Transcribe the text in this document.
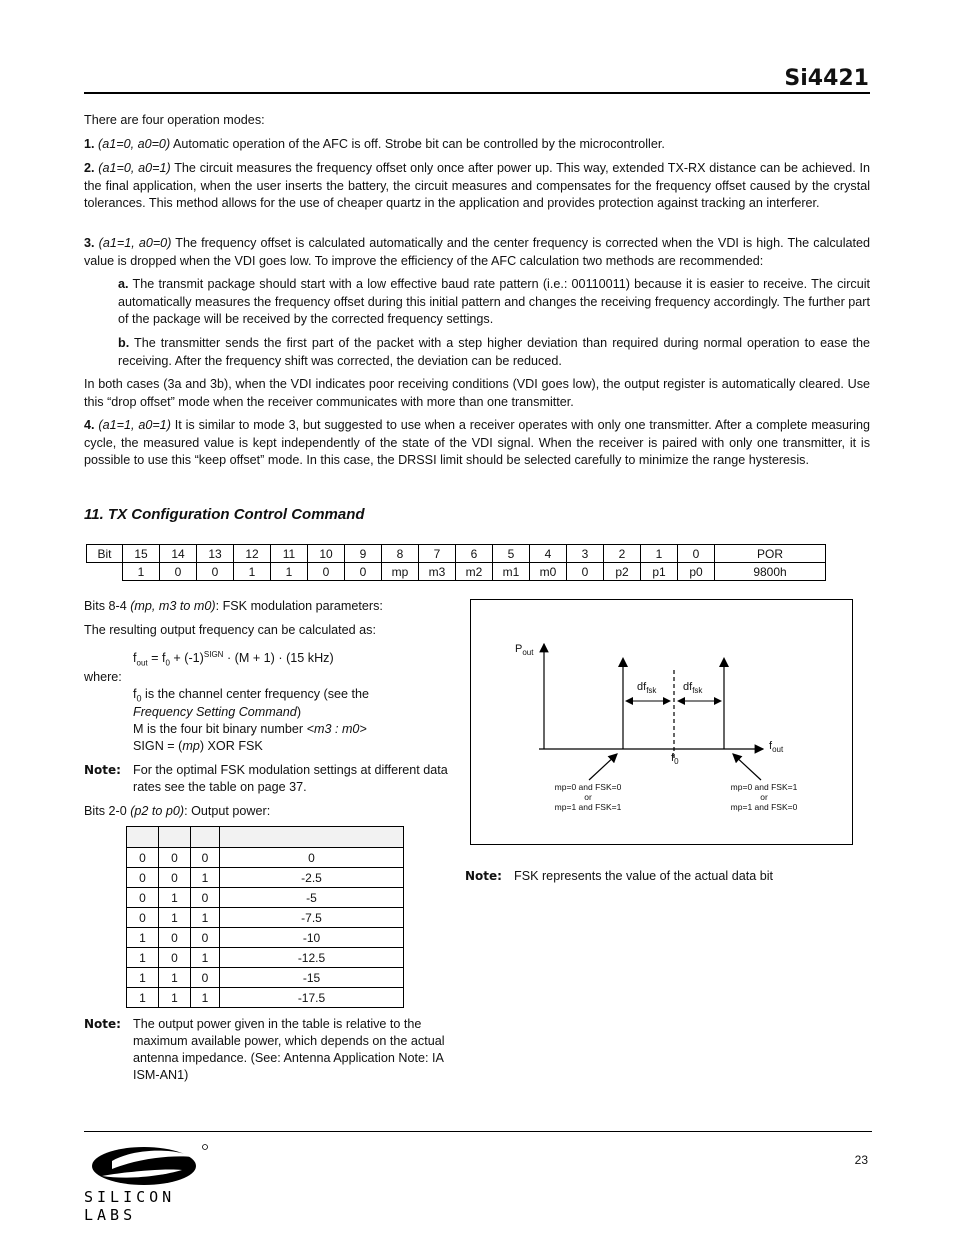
Si4421

There are four operation modes:

1. (a1=0, a0=0) Automatic operation of the AFC is off. Strobe bit can be controlled by the microcontroller.

2. (a1=0, a0=1) The circuit measures the frequency offset only once after power up. This way, extended TX-RX distance can be achieved. In the final application, when the user inserts the battery, the circuit measures and compensates for the frequency offset caused by the crystal tolerances. This method allows for the use of cheaper quartz in the application and provides protection against tracking an interferer.

3. (a1=1, a0=0) The frequency offset is calculated automatically and the center frequency is corrected when the VDI is high. The calculated value is dropped when the VDI goes low. To improve the efficiency of the AFC calculation two methods are recommended:

a. The transmit package should start with a low effective baud rate pattern (i.e.: 00110011) because it is easier to receive. The circuit automatically measures the frequency offset during this initial pattern and changes the receiving frequency accordingly. The further part of the package will be received by the corrected frequency settings.

b. The transmitter sends the first part of the packet with a step higher deviation than required during normal operation to ease the receiving. After the frequency shift was corrected, the deviation can be reduced.

In both cases (3a and 3b), when the VDI indicates poor receiving conditions (VDI goes low), the output register is automatically cleared. Use this “drop offset” mode when the receiver communicates with more than one transmitter.

4. (a1=1, a0=1) It is similar to mode 3, but suggested to use when a receiver operates with only one transmitter. After a complete measuring cycle, the measured value is kept independently of the state of the VDI signal. When the receiver is paired with only one transmitter, it is possible to use this “keep offset” mode. In this case, the DRSSI limit should be selected carefully to minimize the range hysteresis.

11. TX Configuration Control Command
Bit	15	14	13	12	11	10	9	8	7	6	5	4	3	2	1	0	POR
	1	0	0	1	1	0	0	mp	m3	m2	m1	m0	0	p2	p1	p0	9800h
Bits 8-4 (mp, m3 to m0): FSK modulation parameters:
The resulting output frequency can be calculated as:
$f_{out} = f_0 + (-1)^{SIGN} \cdot (M + 1) \cdot (15$ kHz)
where:
$f_0$ is the channel center frequency (see the
Frequency Setting Command)
M is the four bit binary number <m3 : m0>
SIGN = (mp) XOR FSK
Note: For the optimal FSK modulation settings at different data rates see the table on page 37.
Bits 2-0 (p2 to p0): Output power:

0	0	0	0
0	0	1	-2.5
0	1	0	-5
0	1	1	-7.5
1	0	0	-10
1	0	1	-12.5
1	1	0	-15
1	1	1	-17.5
Note: The output power given in the table is relative to the maximum available power, which depends on the actual antenna impedance. (See: Antenna Application Note: IA ISM-AN1)
$P_{out}$
$f_{out}$
$f_0$
$df_{fsk}$ $df_{fsk}$
mp=0 and FSK=0
or
mp=1 and FSK=1
mp=0 and FSK=1
or
mp=1 and FSK=0
Note: FSK represents the value of the actual data bit
SILICON LABS
23
